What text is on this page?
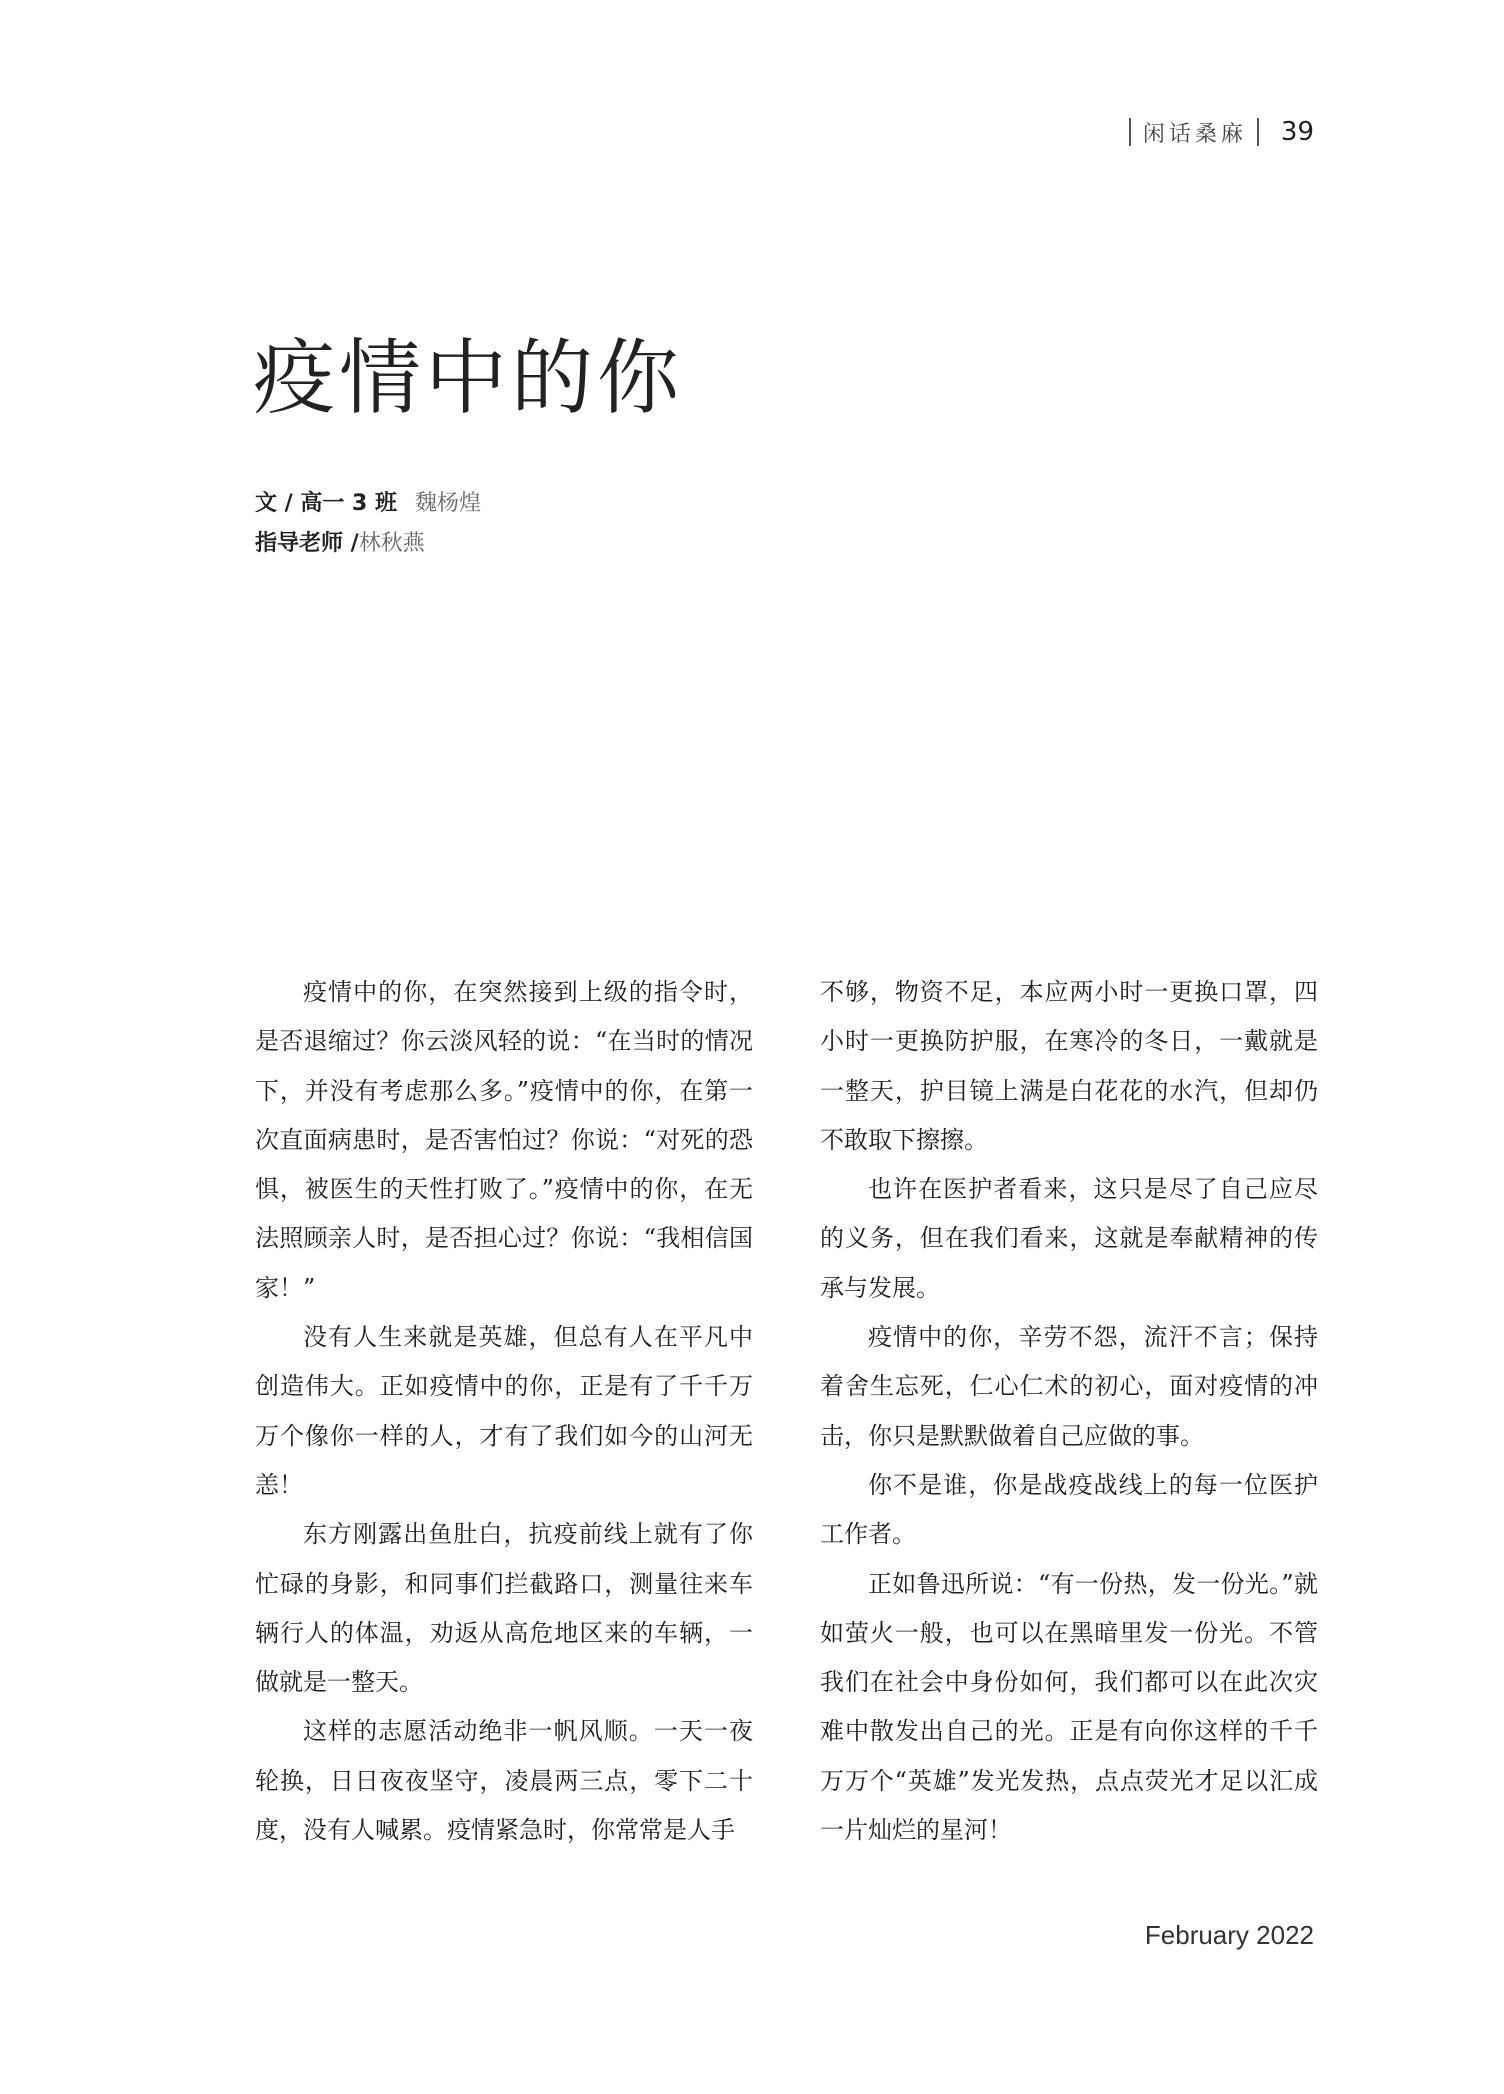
闲话桑麻 39
疫情中的你
文 / 高一 3 班 魏杨煌
指导老师 /林秋燕

疫情中的你，在突然接到上级的指令时，是否退缩过？你云淡风轻的说：“在当时的情况下，并没有考虑那么多。”疫情中的你，在第一次直面病患时，是否害怕过？你说：“对死的恐惧，被医生的天性打败了。”疫情中的你，在无法照顾亲人时，是否担心过？你说：“我相信国家！”

没有人生来就是英雄，但总有人在平凡中创造伟大。正如疫情中的你，正是有了千千万万个像你一样的人，才有了我们如今的山河无恙！

东方刚露出鱼肚白，抗疫前线上就有了你忙碌的身影，和同事们拦截路口，测量往来车辆行人的体温，劝返从高危地区来的车辆，一做就是一整天。

这样的志愿活动绝非一帆风顺。一天一夜轮换，日日夜夜坚守，凌晨两三点，零下二十度，没有人喊累。疫情紧急时，你常常是人手

不够，物资不足，本应两小时一更换口罩，四小时一更换防护服，在寒冷的冬日，一戴就是一整天，护目镜上满是白花花的水汽，但却仍不敢取下擦擦。

也许在医护者看来，这只是尽了自己应尽的义务，但在我们看来，这就是奉献精神的传承与发展。

疫情中的你，辛劳不怨，流汗不言；保持着舍生忘死，仁心仁术的初心，面对疫情的冲击，你只是默默做着自己应做的事。

你不是谁，你是战疫战线上的每一位医护工作者。

正如鲁迅所说：“有一份热，发一份光。”就如萤火一般，也可以在黑暗里发一份光。不管我们在社会中身份如何，我们都可以在此次灾难中散发出自己的光。正是有向你这样的千千万万个“英雄”发光发热，点点荧光才足以汇成一片灿烂的星河！

February 2022
